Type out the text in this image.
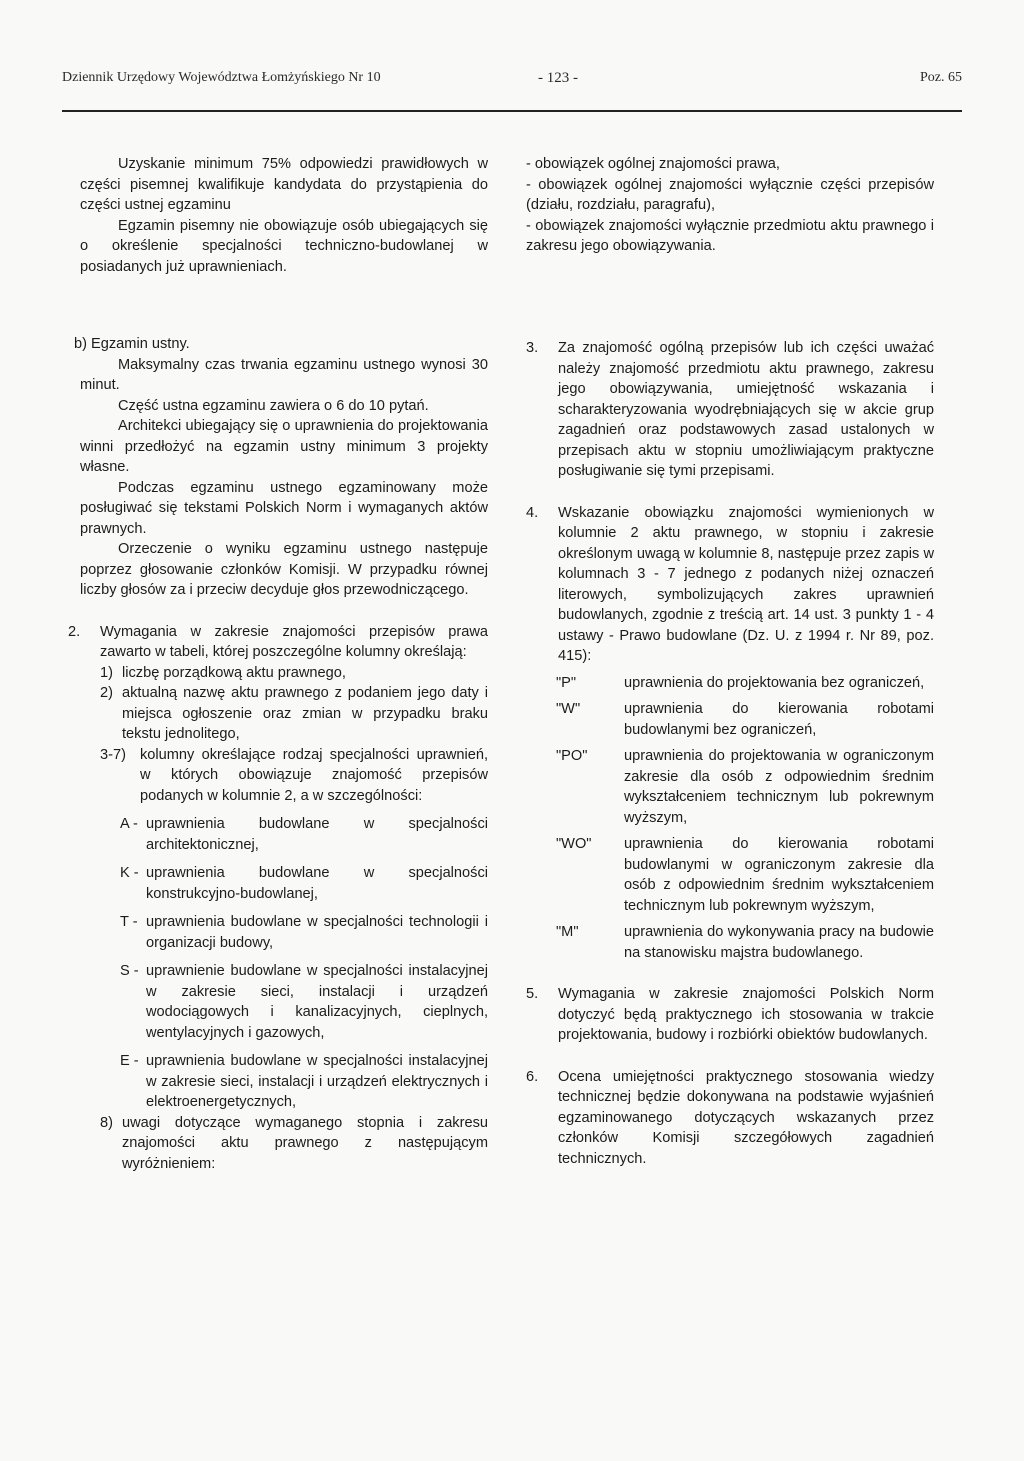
Dziennik Urzędowy Województwa Łomżyńskiego Nr 10	- 123 -	Poz. 65

Uzyskanie minimum 75% odpowiedzi prawidłowych w części pisemnej kwalifikuje kandydata do przystąpienia do części ustnej egzaminu

Egzamin pisemny nie obowiązuje osób ubiegających się o określenie specjalności techniczno-budowlanej w posiadanych już uprawnieniach.

b) Egzamin ustny.

Maksymalny czas trwania egzaminu ustnego wynosi 30 minut.

Część ustna egzaminu zawiera o 6 do 10 pytań.

Architekci ubiegający się o uprawnienia do projektowania winni przedłożyć na egzamin ustny minimum 3 projekty własne.

Podczas egzaminu ustnego egzaminowany może posługiwać się tekstami Polskich Norm i wymaganych aktów prawnych.

Orzeczenie o wyniku egzaminu ustnego następuje poprzez głosowanie członków Komisji. W przypadku równej liczby głosów za i przeciw decyduje głos przewodniczącego.

2.	Wymagania w zakresie znajomości przepisów prawa zawarto w tabeli, której poszczególne kolumny określają:
1) liczbę porządkową aktu prawnego,
2) aktualną nazwę aktu prawnego z podaniem jego daty i miejsca ogłoszenie oraz zmian w przypadku braku tekstu jednolitego,
3-7) kolumny określające rodzaj specjalności uprawnień, w których obowiązuje znajomość przepisów podanych w kolumnie 2, a w szczególności:
A - uprawnienia budowlane w specjalności architektonicznej,
K - uprawnienia budowlane w specjalności konstrukcyjno-budowlanej,
T - uprawnienia budowlane w specjalności technologii i organizacji budowy,
S - uprawnienie budowlane w specjalności instalacyjnej w zakresie sieci, instalacji i urządzeń wodociągowych i kanalizacyjnych, cieplnych, wentylacyjnych i gazowych,
E - uprawnienia budowlane w specjalności instalacyjnej w zakresie sieci, instalacji i urządzeń elektrycznych i elektroenergetycznych,
8) uwagi dotyczące wymaganego stopnia i zakresu znajomości aktu prawnego z następującym wyróżnieniem:

- obowiązek ogólnej znajomości prawa,

- obowiązek ogólnej znajomości wyłącznie części przepisów (działu, rozdziału, paragrafu),

- obowiązek znajomości wyłącznie przedmiotu aktu prawnego i zakresu jego obowiązywania.

3.	Za znajomość ogólną przepisów lub ich części uważać należy znajomość przedmiotu aktu prawnego, zakresu jego obowiązywania, umiejętność wskazania i scharakteryzowania wyodrębniających się w akcie grup zagadnień oraz podstawowych zasad ustalonych w przepisach aktu w stopniu umożliwiającym praktyczne posługiwanie się tymi przepisami.
4.	Wskazanie obowiązku znajomości wymienionych w kolumnie 2 aktu prawnego, w stopniu i zakresie określonym uwagą w kolumnie 8, następuje przez zapis w kolumnach 3 - 7 jednego z podanych niżej oznaczeń literowych, symbolizujących zakres uprawnień budowlanych, zgodnie z treścią art. 14 ust. 3 punkty 1 - 4 ustawy - Prawo budowlane (Dz. U. z 1994 r. Nr 89, poz. 415):
"P"	uprawnienia do projektowania bez ograniczeń,
"W"	uprawnienia do kierowania robotami budowlanymi bez ograniczeń,
"PO"	uprawnienia do projektowania w ograniczonym zakresie dla osób z odpowiednim średnim wykształceniem technicznym lub pokrewnym wyższym,
"WO"	uprawnienia do kierowania robotami budowlanymi w ograniczonym zakresie dla osób z odpowiednim średnim wykształceniem technicznym lub pokrewnym wyższym,
"M"	uprawnienia do wykonywania pracy na budowie na stanowisku majstra budowlanego.
5.	Wymagania w zakresie znajomości Polskich Norm dotyczyć będą praktycznego ich stosowania w trakcie projektowania, budowy i rozbiórki obiektów budowlanych.
6.	Ocena umiejętności praktycznego stosowania wiedzy technicznej będzie dokonywana na podstawie wyjaśnień egzaminowanego dotyczących wskazanych przez członków Komisji szczegółowych zagadnień technicznych.
